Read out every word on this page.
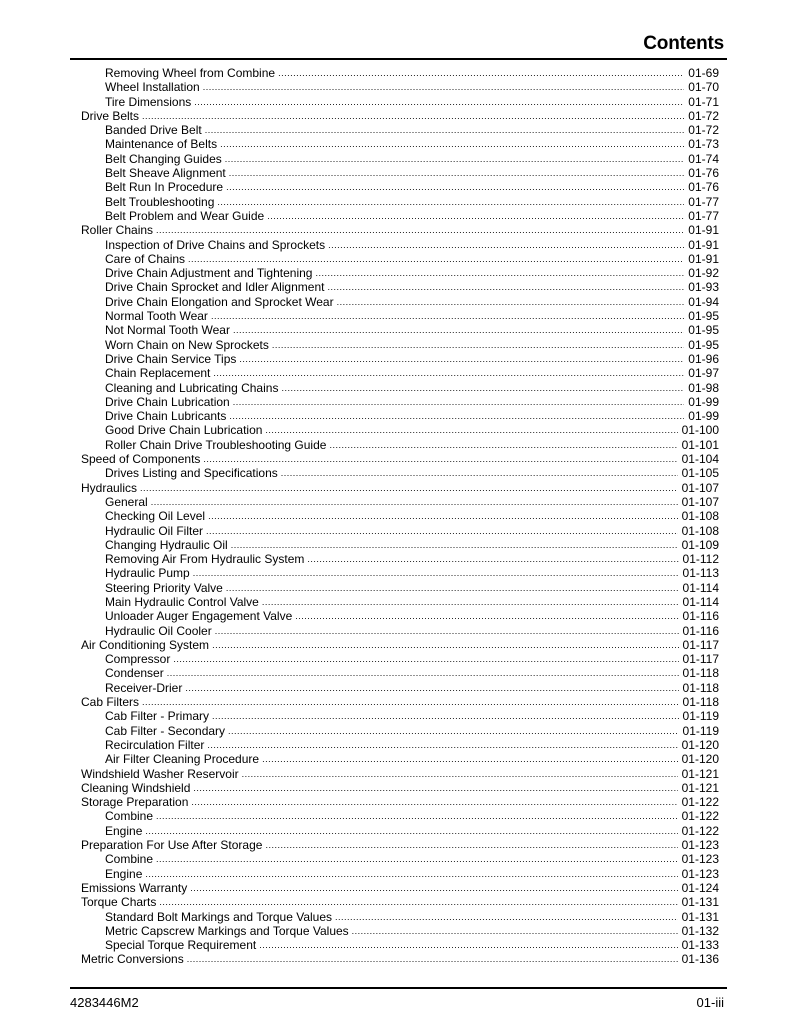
Contents
Removing Wheel from Combine . . .	01-69
Wheel Installation . . .	01-70
Tire Dimensions . . .	01-71
Drive Belts . . .	01-72
Banded Drive Belt . . .	01-72
Maintenance of Belts . . .	01-73
Belt Changing Guides . . .	01-74
Belt Sheave Alignment . . .	01-76
Belt Run In Procedure . . .	01-76
Belt Troubleshooting . . .	01-77
Belt Problem and Wear Guide . . .	01-77
Roller Chains . . .	01-91
Inspection of Drive Chains and Sprockets . . .	01-91
Care of Chains . . .	01-91
Drive Chain Adjustment and Tightening . . .	01-92
Drive Chain Sprocket and Idler Alignment . . .	01-93
Drive Chain Elongation and Sprocket Wear . . .	01-94
Normal Tooth Wear . . .	01-95
Not Normal Tooth Wear . . .	01-95
Worn Chain on New Sprockets . . .	01-95
Drive Chain Service Tips . . .	01-96
Chain Replacement . . .	01-97
Cleaning and Lubricating Chains . . .	01-98
Drive Chain Lubrication . . .	01-99
Drive Chain Lubricants . . .	01-99
Good Drive Chain Lubrication . . .	01-100
Roller Chain Drive Troubleshooting Guide . . .	01-101
Speed of Components . . .	01-104
Drives Listing and Specifications . . .	01-105
Hydraulics . . .	01-107
General . . .	01-107
Checking Oil Level . . .	01-108
Hydraulic Oil Filter . . .	01-108
Changing Hydraulic Oil . . .	01-109
Removing Air From Hydraulic System . . .	01-112
Hydraulic Pump . . .	01-113
Steering Priority Valve . . .	01-114
Main Hydraulic Control Valve . . .	01-114
Unloader Auger Engagement Valve . . .	01-116
Hydraulic Oil Cooler . . .	01-116
Air Conditioning System . . .	01-117
Compressor . . .	01-117
Condenser . . .	01-118
Receiver-Drier . . .	01-118
Cab Filters . . .	01-118
Cab Filter - Primary . . .	01-119
Cab Filter - Secondary . . .	01-119
Recirculation Filter . . .	01-120
Air Filter Cleaning Procedure . . .	01-120
Windshield Washer Reservoir . . .	01-121
Cleaning Windshield . . .	01-121
Storage Preparation . . .	01-122
Combine . . .	01-122
Engine . . .	01-122
Preparation For Use After Storage . . .	01-123
Combine . . .	01-123
Engine . . .	01-123
Emissions Warranty . . .	01-124
Torque Charts . . .	01-131
Standard Bolt Markings and Torque Values . . .	01-131
Metric Capscrew Markings and Torque Values . . .	01-132
Special Torque Requirement . . .	01-133
Metric Conversions . . .	01-136
4283446M2	01-iii
